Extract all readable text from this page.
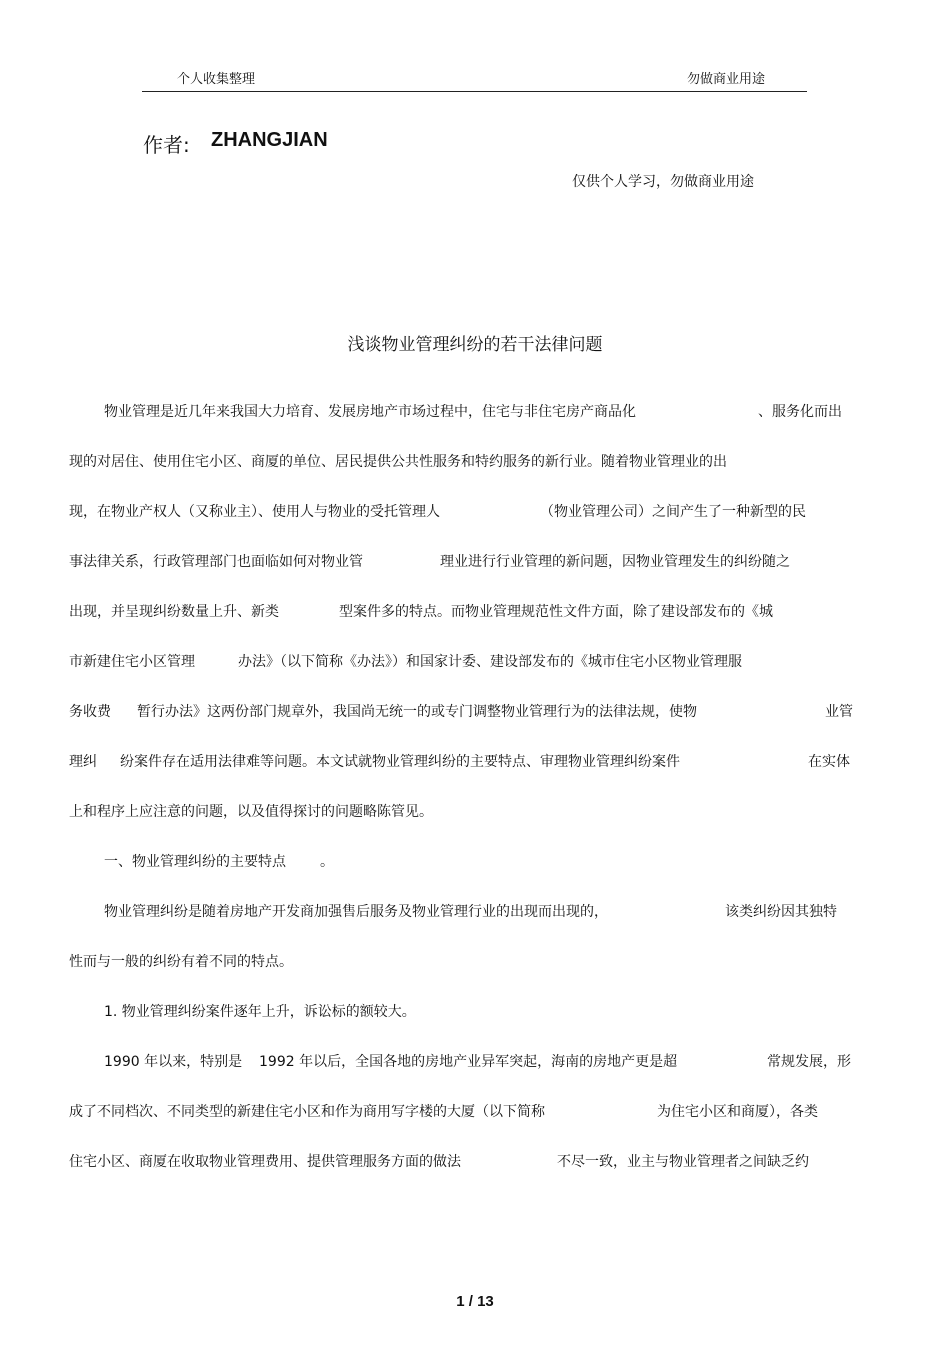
个人收集整理	勿做商业用途
作者: ZHANGJIAN
仅供个人学习，勿做商业用途
浅谈物业管理纠纷的若干法律问题
物业管理是近几年来我国大力培育、发展房地产市场过程中，住宅与非住宅房产商品化	、服务化而出
现的对居住、使用住宅小区、商厦的单位、居民提供公共性服务和特约服务的新行业。随着物业管理业的出
现，在物业产权人（又称业主）、使用人与物业的受托管理人	（物业管理公司）之间产生了一种新型的民
事法律关系，行政管理部门也面临如何对物业管	理业进行行业管理的新问题，因物业管理发生的纠纷随之
出现，并呈现纠纷数量上升、新类	型案件多的特点。而物业管理规范性文件方面，除了建设部发布的《城
市新建住宅小区管理	办法》（以下简称《办法》）和国家计委、建设部发布的《城市住宅小区物业管理服
务收费 暂行办法》这两份部门规章外，我国尚无统一的或专门调整物业管理行为的法律法规，使物	业管
理纠 纷案件存在适用法律难等问题。本文试就物业管理纠纷的主要特点、审理物业管理纠纷案件	在实体
上和程序上应注意的问题，以及值得探讨的问题略陈管见。
一、物业管理纠纷的主要特点 。
物业管理纠纷是随着房地产开发商加强售后服务及物业管理行业的出现而出现的，	该类纠纷因其独特
性而与一般的纠纷有着不同的特点。
1. 物业管理纠纷案件逐年上升，诉讼标的额较大。
1990 年以来，特别是 1992 年以后，全国各地的房地产业异军突起，海南的房地产更是超	常规发展，形
成了不同档次、不同类型的新建住宅小区和作为商用写字楼的大厦（以下简称	为住宅小区和商厦），各类
住宅小区、商厦在收取物业管理费用、提供管理服务方面的做法	不尽一致，业主与物业管理者之间缺乏约
1 / 13
